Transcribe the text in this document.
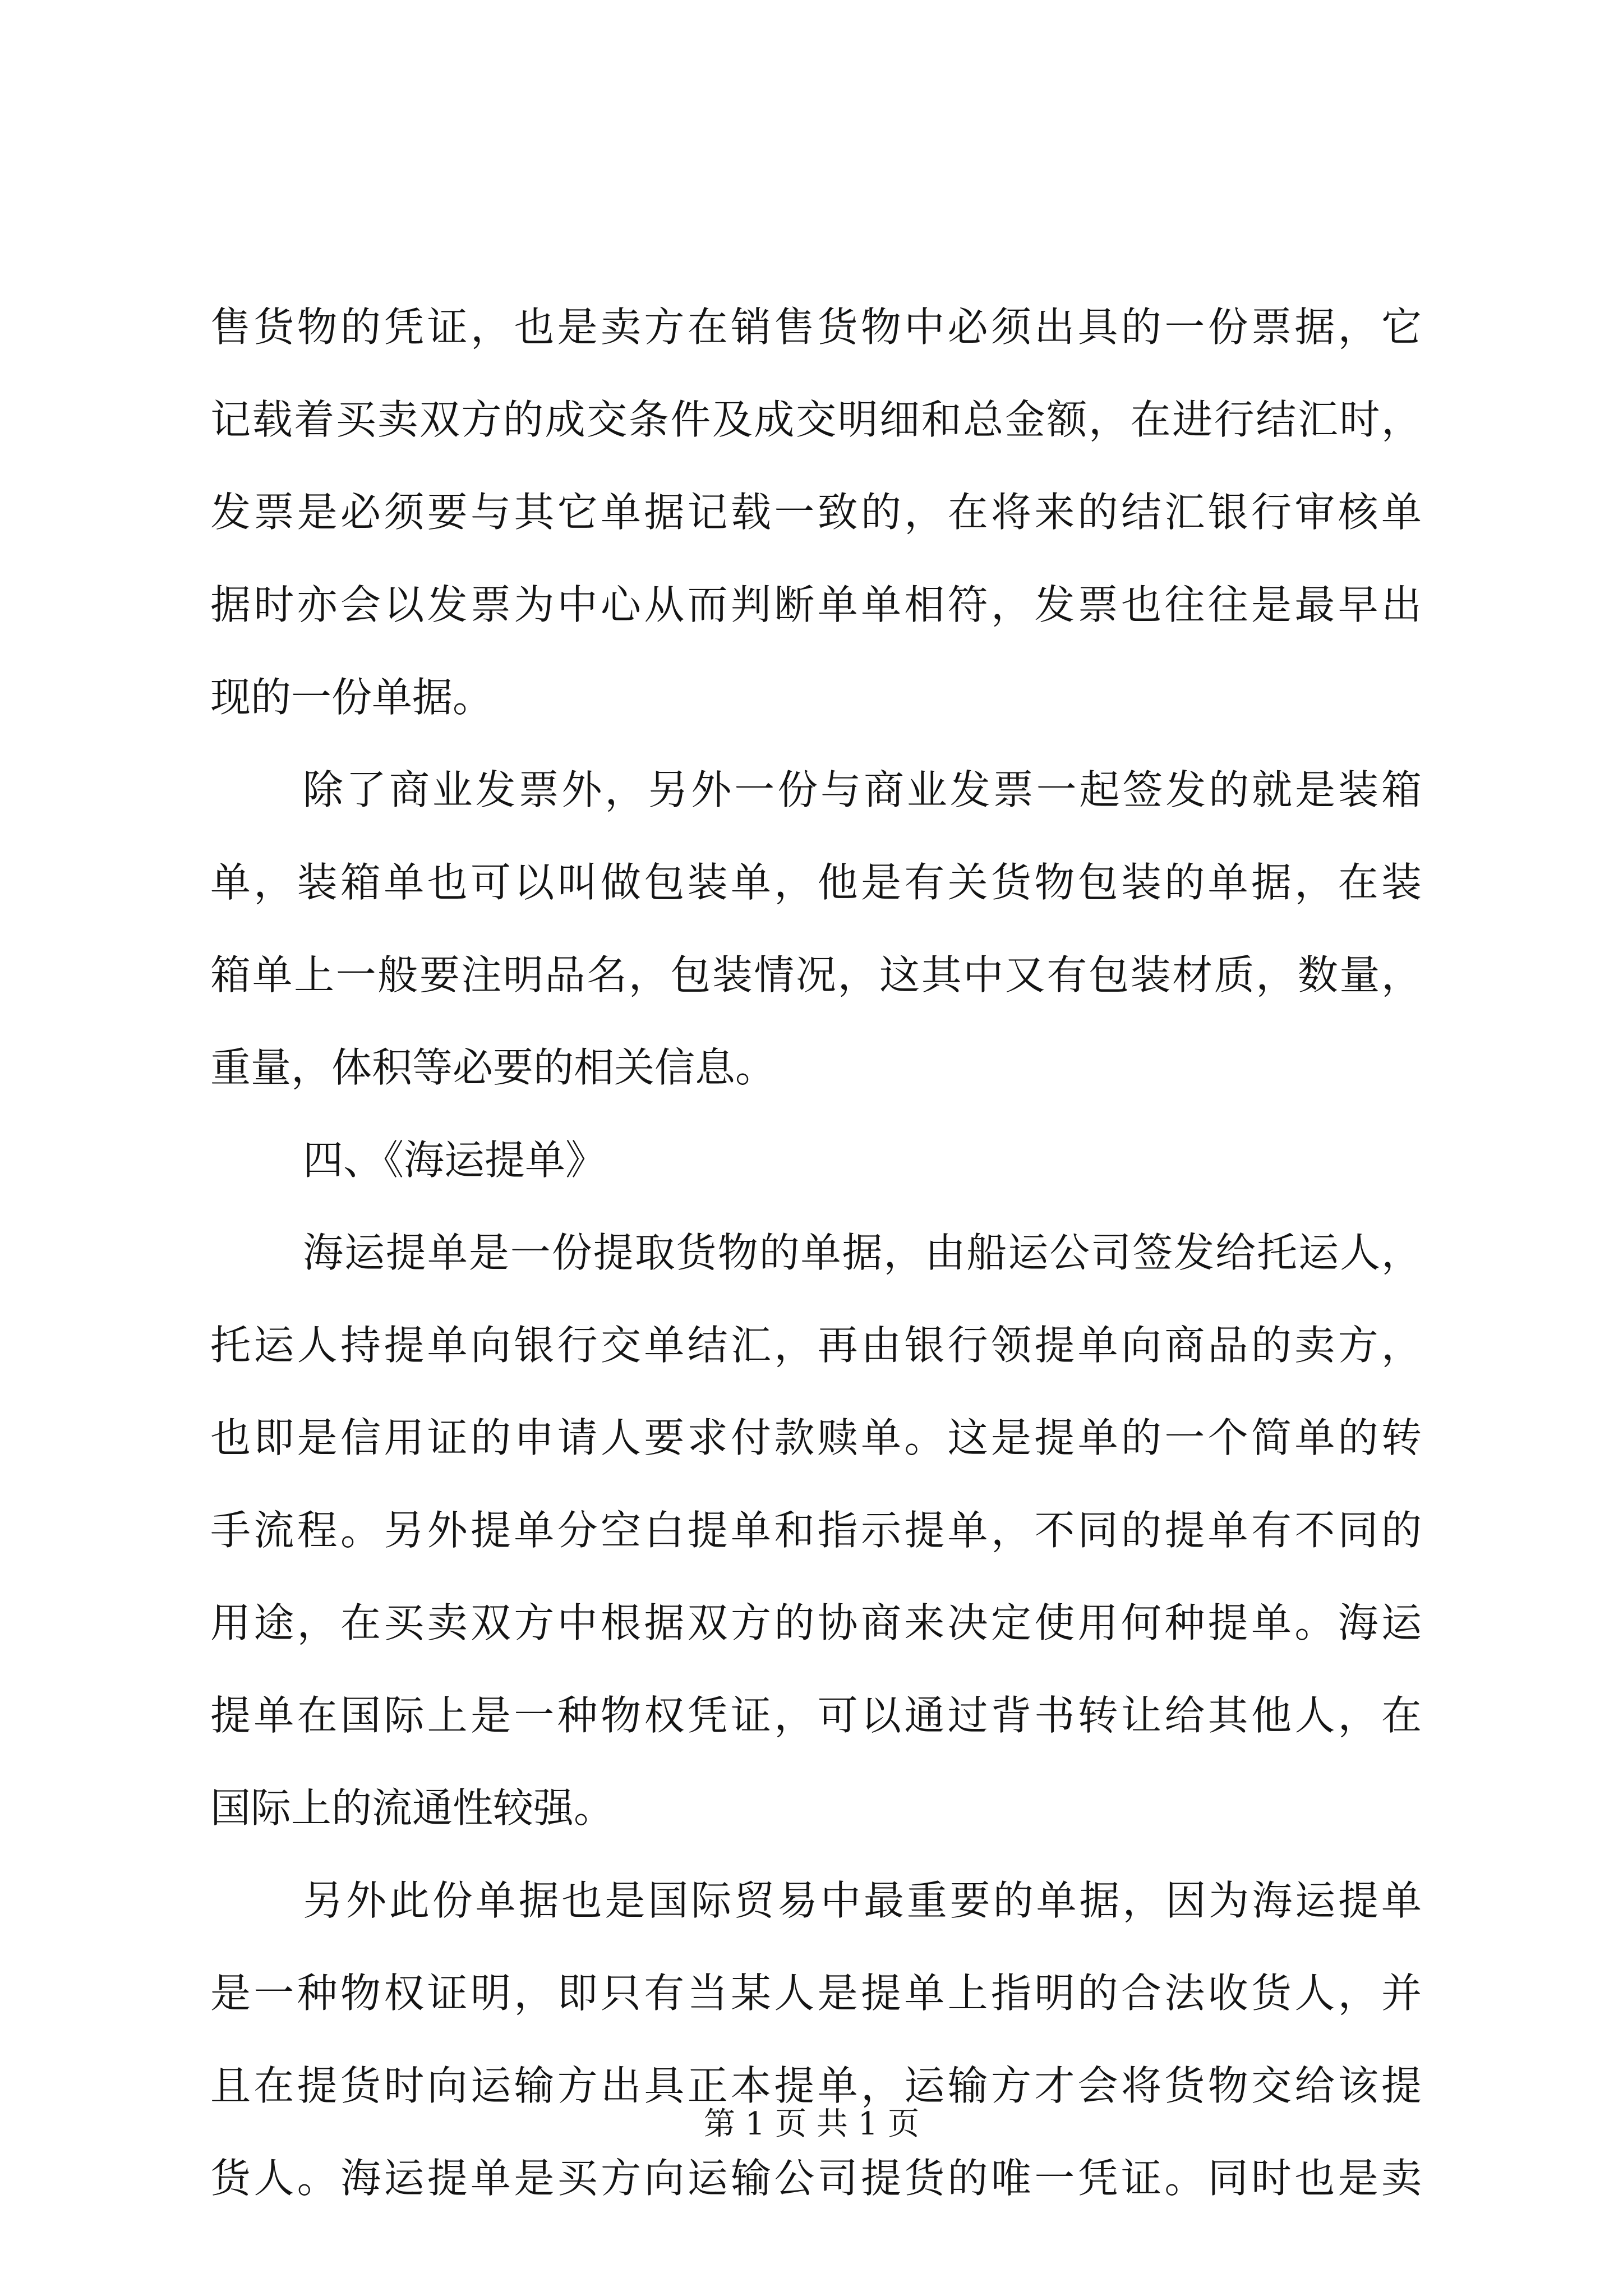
售货物的凭证，也是卖方在销售货物中必须出具的一份票据，它
记载着买卖双方的成交条件及成交明细和总金额，在进行结汇时，
发票是必须要与其它单据记载一致的，在将来的结汇银行审核单
据时亦会以发票为中心从而判断单单相符，发票也往往是最早出
现的一份单据。
除了商业发票外，另外一份与商业发票一起签发的就是装箱
单，装箱单也可以叫做包装单，他是有关货物包装的单据，在装
箱单上一般要注明品名，包装情况，这其中又有包装材质，数量，
重量，体积等必要的相关信息。
四、《海运提单》
海运提单是一份提取货物的单据，由船运公司签发给托运人，
托运人持提单向银行交单结汇，再由银行领提单向商品的卖方，
也即是信用证的申请人要求付款赎单。这是提单的一个简单的转
手流程。另外提单分空白提单和指示提单，不同的提单有不同的
用途，在买卖双方中根据双方的协商来决定使用何种提单。海运
提单在国际上是一种物权凭证，可以通过背书转让给其他人，在
国际上的流通性较强。
另外此份单据也是国际贸易中最重要的单据，因为海运提单
是一种物权证明，即只有当某人是提单上指明的合法收货人，并
且在提货时向运输方出具正本提单，运输方才会将货物交给该提
货人。海运提单是买方向运输公司提货的唯一凭证。同时也是卖
第 1 页 共 1 页
